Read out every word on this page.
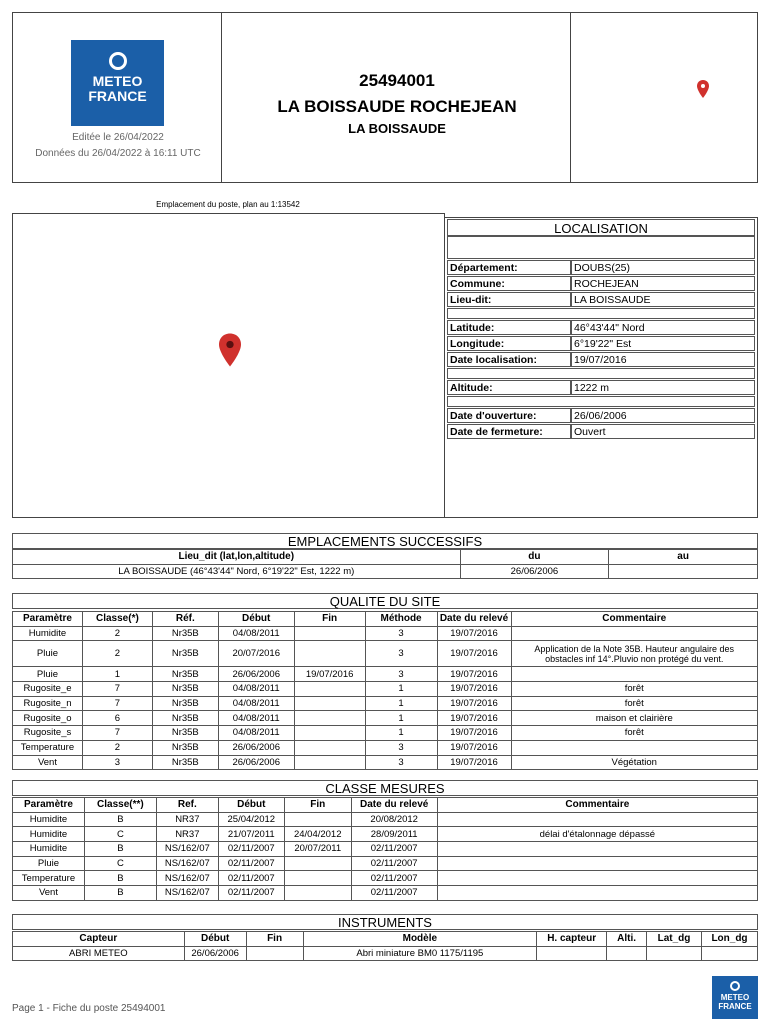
METEO
FRANCE
Editée le 26/04/2022
Données du 26/04/2022 à 16:11 UTC
25494001
LA BOISSAUDE ROCHEJEAN
LA BOISSAUDE
Emplacement du poste, plan au 1:13542
LOCALISATION
Département:	DOUBS(25)
Commune:	ROCHEJEAN
Lieu-dit:	LA BOISSAUDE
Latitude:	46°43'44" Nord
Longitude:	6°19'22" Est
Date localisation:	19/07/2016
Altitude:	1222 m
Date d'ouverture:	26/06/2006
Date de fermeture:	Ouvert
EMPLACEMENTS SUCCESSIFS
Lieu_dit (lat,lon,altitude)	du	au
LA BOISSAUDE (46°43'44" Nord, 6°19'22" Est, 1222 m)	26/06/2006	
QUALITE DU SITE
Paramètre	Classe(*)	Réf.	Début	Fin	Méthode	Date du relevé	Commentaire
Humidite	2	Nr35B	04/08/2011		3	19/07/2016	
Pluie	2	Nr35B	20/07/2016		3	19/07/2016	Application de la Note 35B. Hauteur angulaire des
obstacles inf 14°.Pluvio non protégé du vent.

Pluie	1	Nr35B	26/06/2006	19/07/2016	3	19/07/2016	
Rugosite_e	7	Nr35B	04/08/2011		1	19/07/2016	forêt
Rugosite_n	7	Nr35B	04/08/2011		1	19/07/2016	forêt
Rugosite_o	6	Nr35B	04/08/2011		1	19/07/2016	maison et clairière
Rugosite_s	7	Nr35B	04/08/2011		1	19/07/2016	forêt
Temperature	2	Nr35B	26/06/2006		3	19/07/2016	
Vent	3	Nr35B	26/06/2006		3	19/07/2016	Végétation
CLASSE MESURES
Paramètre	Classe(**)	Ref.	Début	Fin	Date du relevé	Commentaire
Humidite	B	NR37	25/04/2012		20/08/2012	
Humidite	C	NR37	21/07/2011	24/04/2012	28/09/2011	délai d'étalonnage dépassé
Humidite	B	NS/162/07	02/11/2007	20/07/2011	02/11/2007	
Pluie	C	NS/162/07	02/11/2007		02/11/2007	
Temperature	B	NS/162/07	02/11/2007		02/11/2007	
Vent	B	NS/162/07	02/11/2007		02/11/2007	
INSTRUMENTS
Capteur	Début	Fin	Modèle	H. capteur	Alti.	Lat_dg	Lon_dg
ABRI METEO	26/06/2006		Abri miniature BM0 1175/1195				
Page 1 - Fiche du poste 25494001
METEO
FRANCE
